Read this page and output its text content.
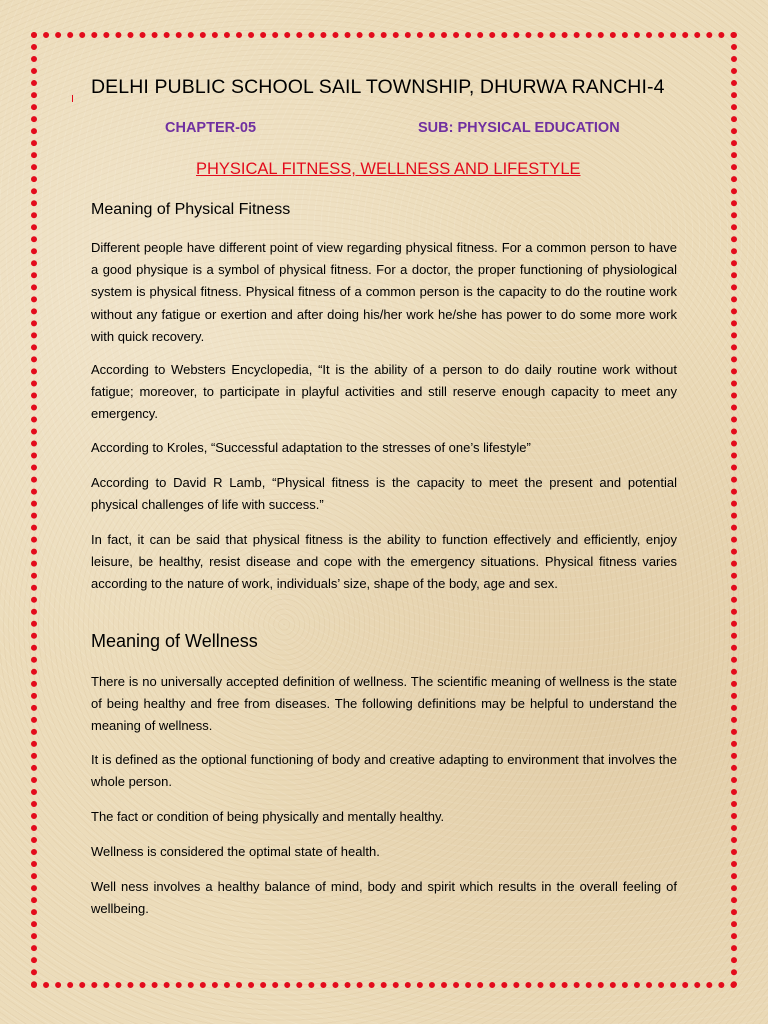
DELHI PUBLIC SCHOOL SAIL TOWNSHIP, DHURWA RANCHI-4
CHAPTER-05	SUB: PHYSICAL EDUCATION
PHYSICAL FITNESS, WELLNESS AND LIFESTYLE
Meaning of Physical Fitness

Different people have different point of view regarding physical fitness. For a common person to have a good physique is a symbol of physical fitness. For a doctor, the proper functioning of physiological system is physical fitness. Physical fitness of a common person is the capacity to do the routine work without any fatigue or exertion and after doing his/her work he/she has power to do some more work with quick recovery.

According to Websters Encyclopedia, “It is the ability of a person to do daily routine work without fatigue; moreover, to participate in playful activities and still reserve enough capacity to meet any emergency.

According to Kroles, “Successful adaptation to the stresses of one’s lifestyle”

According to David R Lamb, “Physical fitness is the capacity to meet the present and potential physical challenges of life with success.”

In fact, it can be said that physical fitness is the ability to function effectively and efficiently, enjoy leisure, be healthy, resist disease and cope with the emergency situations. Physical fitness varies according to the nature of work, individuals’ size, shape of the body, age and sex.

Meaning of Wellness

There is no universally accepted definition of wellness. The scientific meaning of wellness is the state of being healthy and free from diseases. The following definitions may be helpful to understand the meaning of wellness.

It is defined as the optional functioning of body and creative adapting to environment that involves the whole person.

The fact or condition of being physically and mentally healthy.

Wellness is considered the optimal state of health.

Well ness involves a healthy balance of mind, body and spirit which results in the overall feeling of wellbeing.
